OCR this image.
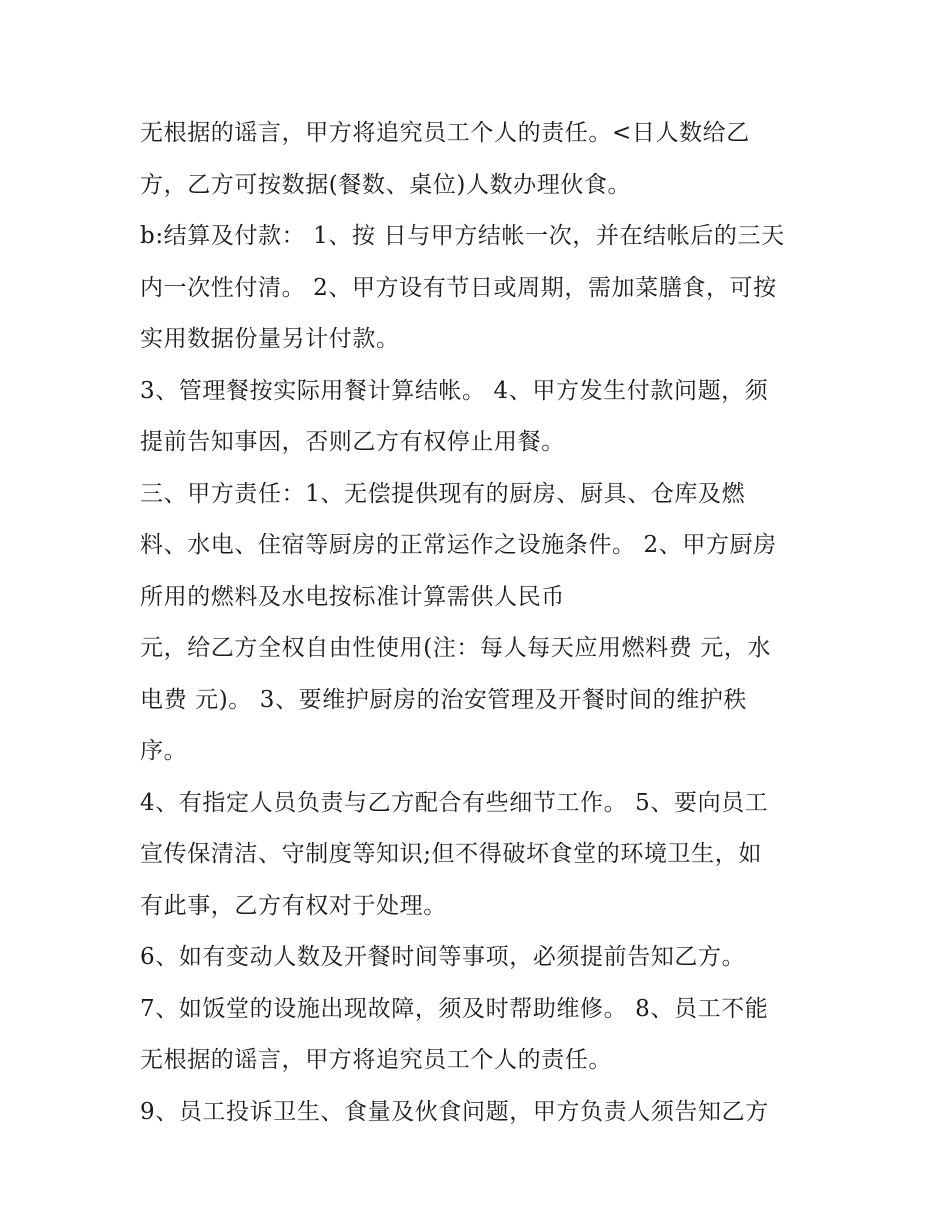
无根据的谣言，甲方将追究员工个人的责任。<日人数给乙
方，乙方可按数据(餐数、桌位)人数办理伙食。
b:结算及付款： 1、按 日与甲方结帐一次，并在结帐后的三天
内一次性付清。 2、甲方设有节日或周期，需加菜膳食，可按
实用数据份量另计付款。
3、管理餐按实际用餐计算结帐。 4、甲方发生付款问题，须
提前告知事因，否则乙方有权停止用餐。
三、甲方责任：1、无偿提供现有的厨房、厨具、仓库及燃
料、水电、住宿等厨房的正常运作之设施条件。 2、甲方厨房
所用的燃料及水电按标准计算需供人民币
元，给乙方全权自由性使用(注：每人每天应用燃料费 元，水
电费 元)。 3、要维护厨房的治安管理及开餐时间的维护秩
序。
4、有指定人员负责与乙方配合有些细节工作。 5、要向员工
宣传保清洁、守制度等知识;但不得破坏食堂的环境卫生，如
有此事，乙方有权对于处理。
6、如有变动人数及开餐时间等事项，必须提前告知乙方。
7、如饭堂的设施出现故障，须及时帮助维修。 8、员工不能
无根据的谣言，甲方将追究员工个人的责任。
9、员工投诉卫生、食量及伙食问题，甲方负责人须告知乙方
